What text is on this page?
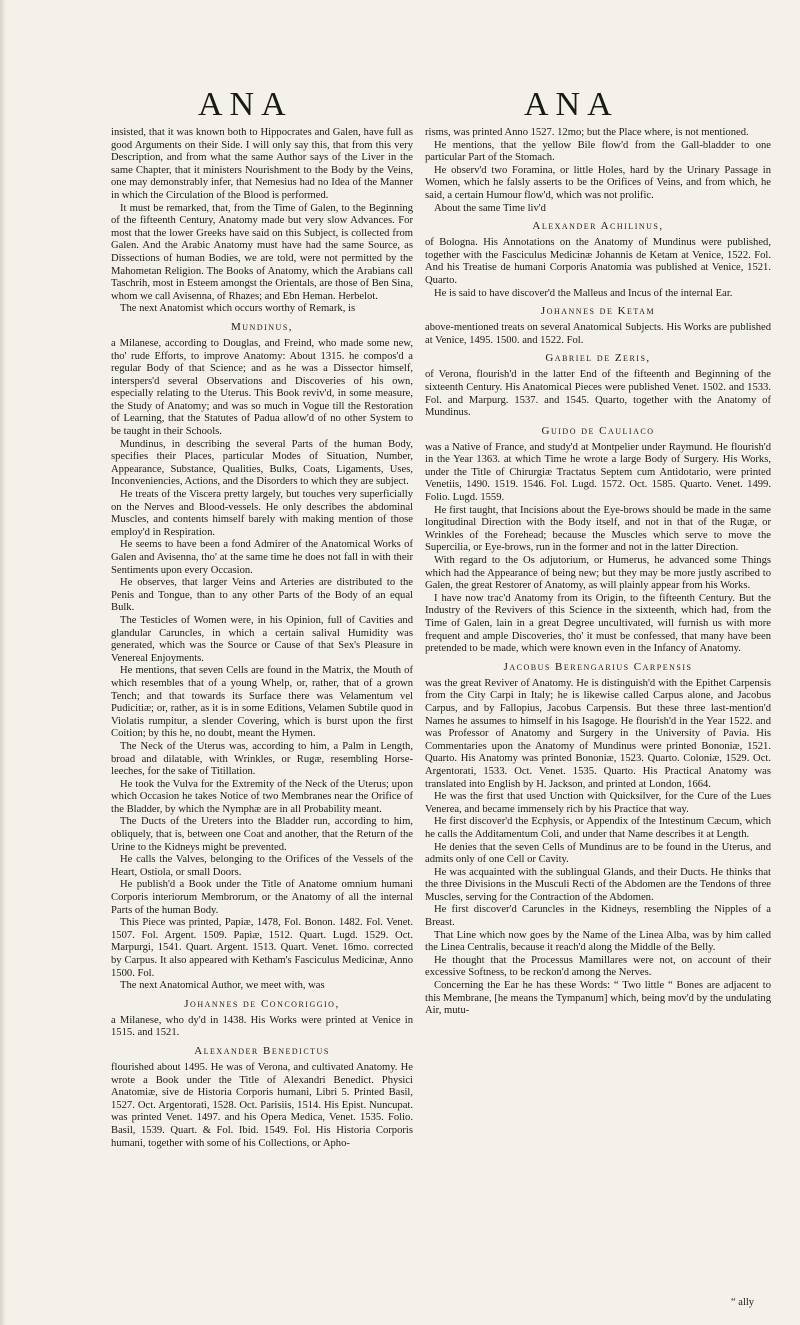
ANA	ANA

insisted, that it was known both to Hippocrates and Galen, have full as good Arguments on their Side. I will only say this, that from this very Description, and from what the same Author says of the Liver in the same Chapter, that it ministers Nourishment to the Body by the Veins, one may demonstrably infer, that Nemesius had no Idea of the Manner in which the Circulation of the Blood is performed.

It must be remarked, that, from the Time of Galen, to the Beginning of the fifteenth Century, Anatomy made but very slow Advances. For most that the lower Greeks have said on this Subject, is collected from Galen. And the Arabic Anatomy must have had the same Source, as Dissections of human Bodies, we are told, were not permitted by the Mahometan Religion. The Books of Anatomy, which the Arabians call Taschrih, most in Esteem amongst the Orientals, are those of Ben Sina, whom we call Avisenna, of Rhazes; and Ebn Heman. Herbelot.

The next Anatomist which occurs worthy of Remark, is

Mundinus,

a Milanese, according to Douglas, and Freind, who made some new, tho' rude Efforts, to improve Anatomy: About 1315. he compos'd a regular Body of that Science; and as he was a Dissector himself, interspers'd several Observations and Discoveries of his own, especially relating to the Uterus. This Book reviv'd, in some measure, the Study of Anatomy; and was so much in Vogue till the Restoration of Learning, that the Statutes of Padua allow'd of no other System to be taught in their Schools.

Mundinus, in describing the several Parts of the human Body, specifies their Places, particular Modes of Situation, Number, Appearance, Substance, Qualities, Bulks, Coats, Ligaments, Uses, Inconveniencies, Actions, and the Disorders to which they are subject.

He treats of the Viscera pretty largely, but touches very superficially on the Nerves and Blood-vessels. He only describes the abdominal Muscles, and contents himself barely with making mention of those employ'd in Respiration.

He seems to have been a fond Admirer of the Anatomical Works of Galen and Avisenna, tho' at the same time he does not fall in with their Sentiments upon every Occasion.

He observes, that larger Veins and Arteries are distributed to the Penis and Tongue, than to any other Parts of the Body of an equal Bulk.

The Testicles of Women were, in his Opinion, full of Cavities and glandular Caruncles, in which a certain salival Humidity was generated, which was the Source or Cause of that Sex's Pleasure in Venereal Enjoyments.

He mentions, that seven Cells are found in the Matrix, the Mouth of which resembles that of a young Whelp, or, rather, that of a grown Tench; and that towards its Surface there was Velamentum vel Pudicitiæ; or, rather, as it is in some Editions, Velamen Subtile quod in Violatis rumpitur, a slender Covering, which is burst upon the first Coition; by this he, no doubt, meant the Hymen.

The Neck of the Uterus was, according to him, a Palm in Length, broad and dilatable, with Wrinkles, or Rugæ, resembling Horse-leeches, for the sake of Titillation.

He took the Vulva for the Extremity of the Neck of the Uterus; upon which Occasion he takes Notice of two Membranes near the Orifice of the Bladder, by which the Nymphæ are in all Probability meant.

The Ducts of the Ureters into the Bladder run, according to him, obliquely, that is, between one Coat and another, that the Return of the Urine to the Kidneys might be prevented.

He calls the Valves, belonging to the Orifices of the Vessels of the Heart, Ostiola, or small Doors.

He publish'd a Book under the Title of Anatome omnium humani Corporis interiorum Membrorum, or the Anatomy of all the internal Parts of the human Body.

This Piece was printed, Papiæ, 1478, Fol. Bonon. 1482. Fol. Venet. 1507. Fol. Argent. 1509. Papiæ, 1512. Quart. Lugd. 1529. Oct. Marpurgi, 1541. Quart. Argent. 1513. Quart. Venet. 16mo. corrected by Carpus. It also appeared with Ketham's Fasciculus Medicinæ, Anno 1500. Fol.

The next Anatomical Author, we meet with, was

Johannes de Concoriggio,

a Milanese, who dy'd in 1438. His Works were printed at Venice in 1515. and 1521.

Alexander Benedictus

flourished about 1495. He was of Verona, and cultivated Anatomy. He wrote a Book under the Title of Alexandri Benedict. Physici Anatomiæ, sive de Historia Corporis humani, Libri 5. Printed Basil, 1527. Oct. Argentorati, 1528. Oct. Parisiis, 1514. His Epist. Nuncupat. was printed Venet. 1497. and his Opera Medica, Venet. 1535. Folio. Basil, 1539. Quart. & Fol. Ibid. 1549. Fol. His Historia Corporis humani, together with some of his Collections, or Apho-

risms, was printed Anno 1527. 12mo; but the Place where, is not mentioned.

He mentions, that the yellow Bile flow'd from the Gall-bladder to one particular Part of the Stomach.

He observ'd two Foramina, or little Holes, hard by the Urinary Passage in Women, which he falsly asserts to be the Orifices of Veins, and from which, he said, a certain Humour flow'd, which was not prolific.

About the same Time liv'd

Alexander Achilinus,

of Bologna. His Annotations on the Anatomy of Mundinus were published, together with the Fasciculus Medicinæ Johannis de Ketam at Venice, 1522. Fol. And his Treatise de humani Corporis Anatomia was published at Venice, 1521. Quarto.

He is said to have discover'd the Malleus and Incus of the internal Ear.

Johannes de Ketam

above-mentioned treats on several Anatomical Subjects. His Works are published at Venice, 1495. 1500. and 1522. Fol.

Gabriel de Zeris,

of Verona, flourish'd in the latter End of the fifteenth and Beginning of the sixteenth Century. His Anatomical Pieces were published Venet. 1502. and 1533. Fol. and Marpurg. 1537. and 1545. Quarto, together with the Anatomy of Mundinus.

Guido de Cauliaco

was a Native of France, and study'd at Montpelier under Raymund. He flourish'd in the Year 1363. at which Time he wrote a large Body of Surgery. His Works, under the Title of Chirurgiæ Tractatus Septem cum Antidotario, were printed Venetiis, 1490. 1519. 1546. Fol. Lugd. 1572. Oct. 1585. Quarto. Venet. 1499. Folio. Lugd. 1559.

He first taught, that Incisions about the Eye-brows should be made in the same longitudinal Direction with the Body itself, and not in that of the Rugæ, or Wrinkles of the Forehead; because the Muscles which serve to move the Supercilia, or Eye-brows, run in the former and not in the latter Direction.

With regard to the Os adjutorium, or Humerus, he advanced some Things which had the Appearance of being new; but they may be more justly ascribed to Galen, the great Restorer of Anatomy, as will plainly appear from his Works.

I have now trac'd Anatomy from its Origin, to the fifteenth Century. But the Industry of the Revivers of this Science in the sixteenth, which had, from the Time of Galen, lain in a great Degree uncultivated, will furnish us with more frequent and ample Discoveries, tho' it must be confessed, that many have been pretended to be made, which were known even in the Infancy of Anatomy.

Jacobus Berengarius Carpensis

was the great Reviver of Anatomy. He is distinguish'd with the Epithet Carpensis from the City Carpi in Italy; he is likewise called Carpus alone, and Jacobus Carpus, and by Fallopius, Jacobus Carpensis. But these three last-mention'd Names he assumes to himself in his Isagoge. He flourish'd in the Year 1522. and was Professor of Anatomy and Surgery in the University of Pavia. His Commentaries upon the Anatomy of Mundinus were printed Bononiæ, 1521. Quarto. His Anatomy was printed Bononiæ, 1523. Quarto. Coloniæ, 1529. Oct. Argentorati, 1533. Oct. Venet. 1535. Quarto. His Practical Anatomy was translated into English by H. Jackson, and printed at London, 1664.

He was the first that used Unction with Quicksilver, for the Cure of the Lues Venerea, and became immensely rich by his Practice that way.

He first discover'd the Ecphysis, or Appendix of the Intestinum Cæcum, which he calls the Additamentum Coli, and under that Name describes it at Length.

He denies that the seven Cells of Mundinus are to be found in the Uterus, and admits only of one Cell or Cavity.

He was acquainted with the sublingual Glands, and their Ducts. He thinks that the three Divisions in the Musculi Recti of the Abdomen are the Tendons of three Muscles, serving for the Contraction of the Abdomen.

He first discover'd Caruncles in the Kidneys, resembling the Nipples of a Breast.

That Line which now goes by the Name of the Linea Alba, was by him called the Linea Centralis, because it reach'd along the Middle of the Belly.

He thought that the Processus Mamillares were not, on account of their excessive Softness, to be reckon'd among the Nerves.

Concerning the Ear he has these Words: “ Two little “ Bones are adjacent to this Membrane, [he means the Tympanum] which, being mov'd by the undulating Air, mutu-

“ ally
